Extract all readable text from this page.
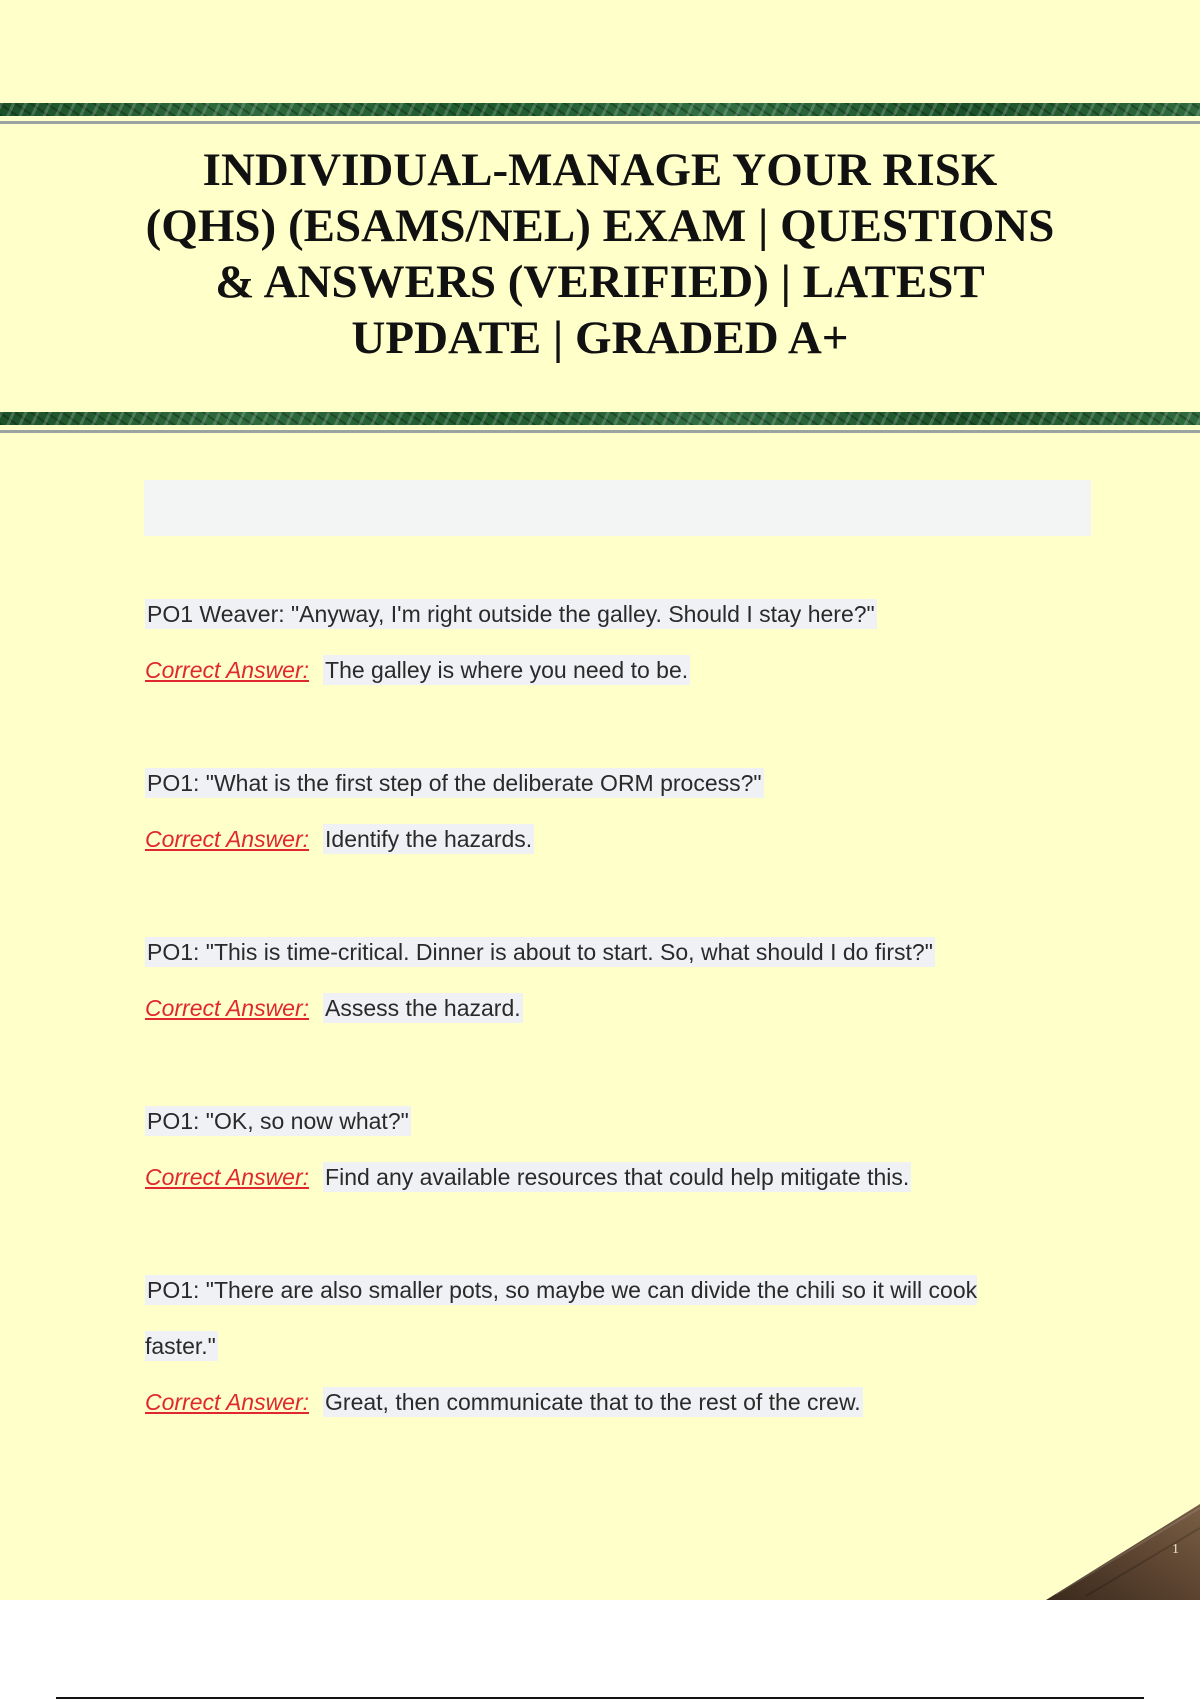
INDIVIDUAL-MANAGE YOUR RISK
(QHS) (ESAMS/NEL) EXAM | QUESTIONS
& ANSWERS (VERIFIED) | LATEST
UPDATE | GRADED A+
PO1 Weaver: "Anyway, I'm right outside the galley. Should I stay here?"
Correct Answer: The galley is where you need to be.
PO1: "What is the first step of the deliberate ORM process?"
Correct Answer: Identify the hazards.
PO1: "This is time-critical. Dinner is about to start. So, what should I do first?"
Correct Answer: Assess the hazard.
PO1: "OK, so now what?"
Correct Answer: Find any available resources that could help mitigate this.
PO1: "There are also smaller pots, so maybe we can divide the chili so it will cook faster."
Correct Answer: Great, then communicate that to the rest of the crew.
1
